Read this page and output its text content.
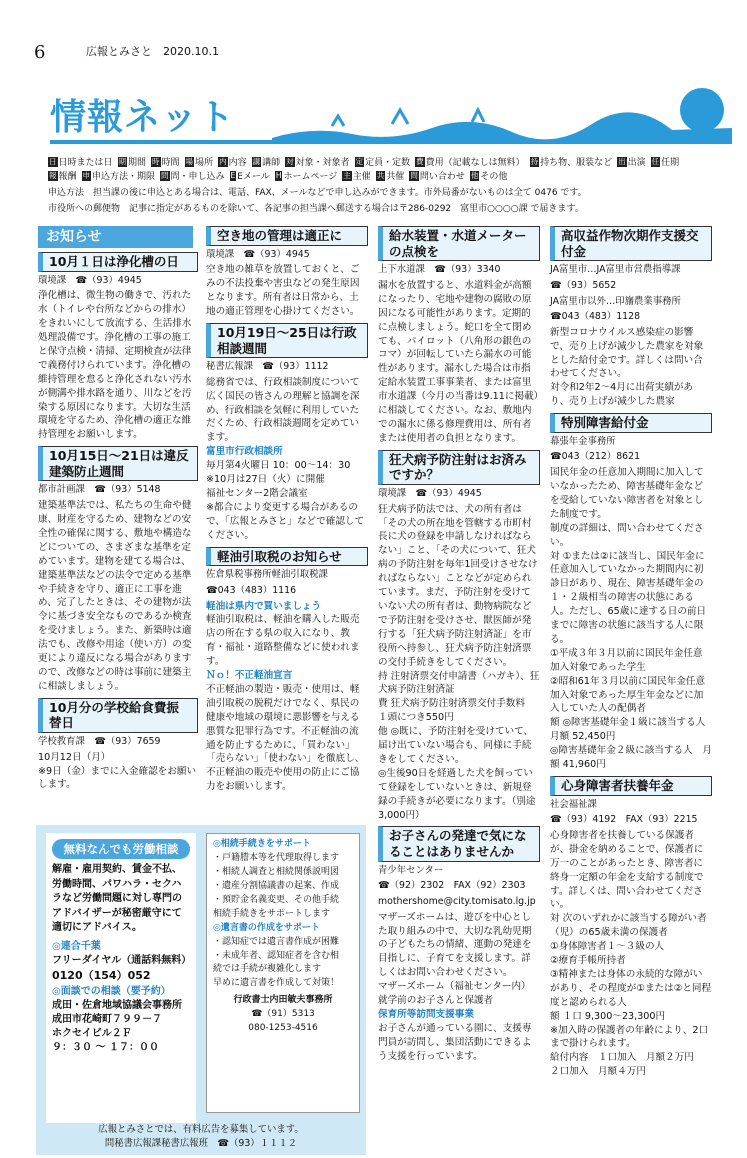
6	広報とみさと　2020.10.1
情報ネット
日 日時または日 期 期間 時 時間 場 場所 内 内容 講 講師 対 対象・対象者 定 定員・定数 費 費用（記載なしは無料） 持 持ち物、服装など 出 出演 任 任期報 報酬 申 申込方法・期限 問 問・申し込み E Eメール H ホームページ 主 主催 共 共催 問 問い合わせ 他 その他
申込方法　担当課の後に申込とある場合は、電話、FAX、メールなどで申し込みができます。市外局番がないものは全て 0476 です。
市役所への郵便物　記事に指定があるものを除いて、各記事の担当課へ郵送する場合は〒286-0292　富里市○○○○課 で届きます。
お知らせ
10月１日は浄化槽の日
環境課　☎（93）4945
浄化槽は、微生物の働きで、汚れた水（トイレや台所などからの排水）をきれいにして放流する、生活排水処理設備です。浄化槽の工事の施工と保守点検・清掃、定期検査が法律で義務付けられています。浄化槽の維持管理を怠ると浄化されない汚水が側溝や排水路を通り、川などを汚染する原因になります。大切な生活環境を守るため、浄化槽の適正な維持管理をお願いします。
10月15日～21日は違反建築防止週間
都市計画課　☎（93）5148
建築基準法では、私たちの生命や健康、財産を守るため、建物などの安全性の確保に関する、敷地や構造などについての、さまざまな基準を定めています。建物を建てる場合は、建築基準法などの法令で定める基準や手続きを守り、適正に工事を進め、完了したときは、その建物が法令に基づき安全なものであるか検査を受けましょう。また、新築時は適法でも、改修や用途（使い方）の変更により違反になる場合がありますので、改修などの時は事前に建築主に相談しましょう。
10月分の学校給食費振替日
学校教育課　☎（93）7659
10月12日（月）
※9日（金）までに入金確認をお願いします。
空き地の管理は適正に
環境課　☎（93）4945
空き地の雑草を放置しておくと、ごみの不法投棄や害虫などの発生原因となります。所有者は日常から、土地の適正管理を心掛けてください。
10月19日～25日は行政相談週間
秘書広報課　☎（93）1112
総務省では、行政相談制度について広く国民の皆さんの理解と協調を深め、行政相談を気軽に利用していただくため、行政相談週間を定めています。
富里市行政相談所
毎月第4火曜日 10：00～14：30
※10月は27日（火）に開催
福祉センター2階会議室
※都合により変更する場合があるので、「広報とみさと」などで確認してください。
軽油引取税のお知らせ
佐倉県税事務所軽油引取税課
☎043（483）1116
軽油は県内で買いましょう
軽油引取税は、軽油を購入した販売店の所在する県の収入になり、教育・福祉・道路整備などに使われます。
Ｎｏ！不正軽油宣言
不正軽油の製造・販売・使用は、軽油引取税の脱税だけでなく、県民の健康や地域の環境に悪影響を与える悪質な犯罪行為です。不正軽油の流通を防止するために、「買わない」「売らない」「使わない」を徹底し、不正軽油の販売や使用の防止にご協力をお願いします。
給水装置・水道メーターの点検を
上下水道課　☎（93）3340
漏水を放置すると、水道料金が高額になったり、宅地や建物の腐敗の原因になる可能性があります。定期的に点検しましょう。蛇口を全て閉めても、パイロット（八角形の銀色のコマ）が回転していたら漏水の可能性があります。漏水した場合は市指定給水装置工事事業者、または富里市水道課（今月の当番は9.11に掲載）に相談してください。なお、敷地内での漏水に係る修理費用は、所有者または使用者の負担となります。
狂犬病予防注射はお済みですか？
環境課　☎（93）4945
狂犬病予防法では、犬の所有者は「その犬の所在地を管轄する市町村長に犬の登録を申請しなければならない」こと、「その犬について、狂犬病の予防注射を毎年1回受けさせなければならない」ことなどが定められています。まだ、予防注射を受けていない犬の所有者は、動物病院などで予防注射を受けさせ、獣医師が発行する「狂犬病予防注射済証」を市役所へ持参し、狂犬病予防注射済票の交付手続きをしてください。
持 注射済票交付申請書（ハガキ）、狂犬病予防注射済証
費 狂犬病予防注射済票交付手数料　１頭につき550円
他 ◎既に、予防注射を受けていて、届け出ていない場合も、同様に手続きをしてください。
◎生後90日を経過した犬を飼っていて登録をしていないときは、新規登録の手続きが必要になります。（別途3,000円）
お子さんの発達で気になることはありませんか
青少年センター
☎（92）2302　 FAX（92）2303
mothershome@city.tomisato.lg.jp
マザーズホームは、遊びを中心とした取り組みの中で、大切な乳幼児期の子どもたちの情緒、運動の発達を目指しに、子育てを支援します。詳しくはお問い合わせください。
マザーズホーム（福祉センター内）
就学前のお子さんと保護者
保育所等訪問支援事業
お子さんが通っている園に、支援専門員が訪問し、集団活動にできるよう支援を行っています。
高収益作物次期作支援交付金
JA富里市…JA富里市営農指導課
☎（93）5652
JA富里市以外…印旛農業事務所
☎043（483）1128
新型コロナウイルス感染症の影響で、売り上げが減少した農家を対象とした給付金です。詳しくは問い合わせてください。
対令和2年2～4月に出荷実績があり、売り上げが減少した農家
特別障害給付金
幕張年金事務所
☎043（212）8621
国民年金の任意加入期間に加入していなかったため、障害基礎年金などを受給していない障害者を対象とした制度です。
制度の詳細は、問い合わせてください。
対 ①または②に該当し、国民年金に任意加入していなかった期間内に初診日があり、現在、障害基礎年金の１・２級相当の障害の状態にある人。ただし、65歳に達する日の前日までに障害の状態に該当する人に限る。
①平成３年３月以前に国民年金任意加入対象であった学生
②昭和61年３月以前に国民年金任意加入対象であった厚生年金などに加入していた人の配偶者
額 ◎障害基礎年金１級に該当する人　月額 52,450円
◎障害基礎年金２級に該当する人　月額 41,960円
心身障害者扶養年金
社会福祉課
☎（93）4192　 FAX（93）2215
心身障害者を扶養している保護者が、掛金を納めることで、保護者に万一のことがあったとき、障害者に終身一定額の年金を支給する制度です。詳しくは、問い合わせてください。
対 次のいずれかに該当する障がい者（児）の65歳未満の保護者
①身体障害者１～３級の人
②療育手帳所持者
③精神または身体の永続的な障がいがあり、その程度が①または②と同程度と認められる人
額 １口 9,300～23,300円
※加入時の保護者の年齢により、2口まで掛けられます。
給付内容　１口加入　月額２万円
２口加入　月額４万円
無料なんでも労働相談
解雇・雇用契約、賃金不払、労働時間、パワハラ・セクハラなど労働問題に対し専門のアドバイザーが秘密厳守にて適切にアドバイス。
◎連合千葉
フリーダイヤル（通話料無料）
0120（154）052
◎面談での相談（要予約）
成田・佐倉地域協議会事務所
成田市花崎町７９９－７
ホクセイビル２Ｆ
９：３０ ～ １７：００
◎相続手続きをサポート
・戸籍謄本等を代理取得します
・相続人調査と相続関係説明図
・遺産分割協議書の起案、作成
・預貯金名義変更、その他手続
相続手続きをサポートします
◎遺言書の作成をサポート
・認知症では遺言書作成が困難
・未成年者、認知症者を含む相
続では手続が複雑化します
早めに遺言書を作成して対策！
行政書士内田敏夫事務所
☎（91）5313
080-1253-4516
広報とみさとでは、有料広告を募集しています。
問秘書広報課秘書広報班　☎（93）１１１２
